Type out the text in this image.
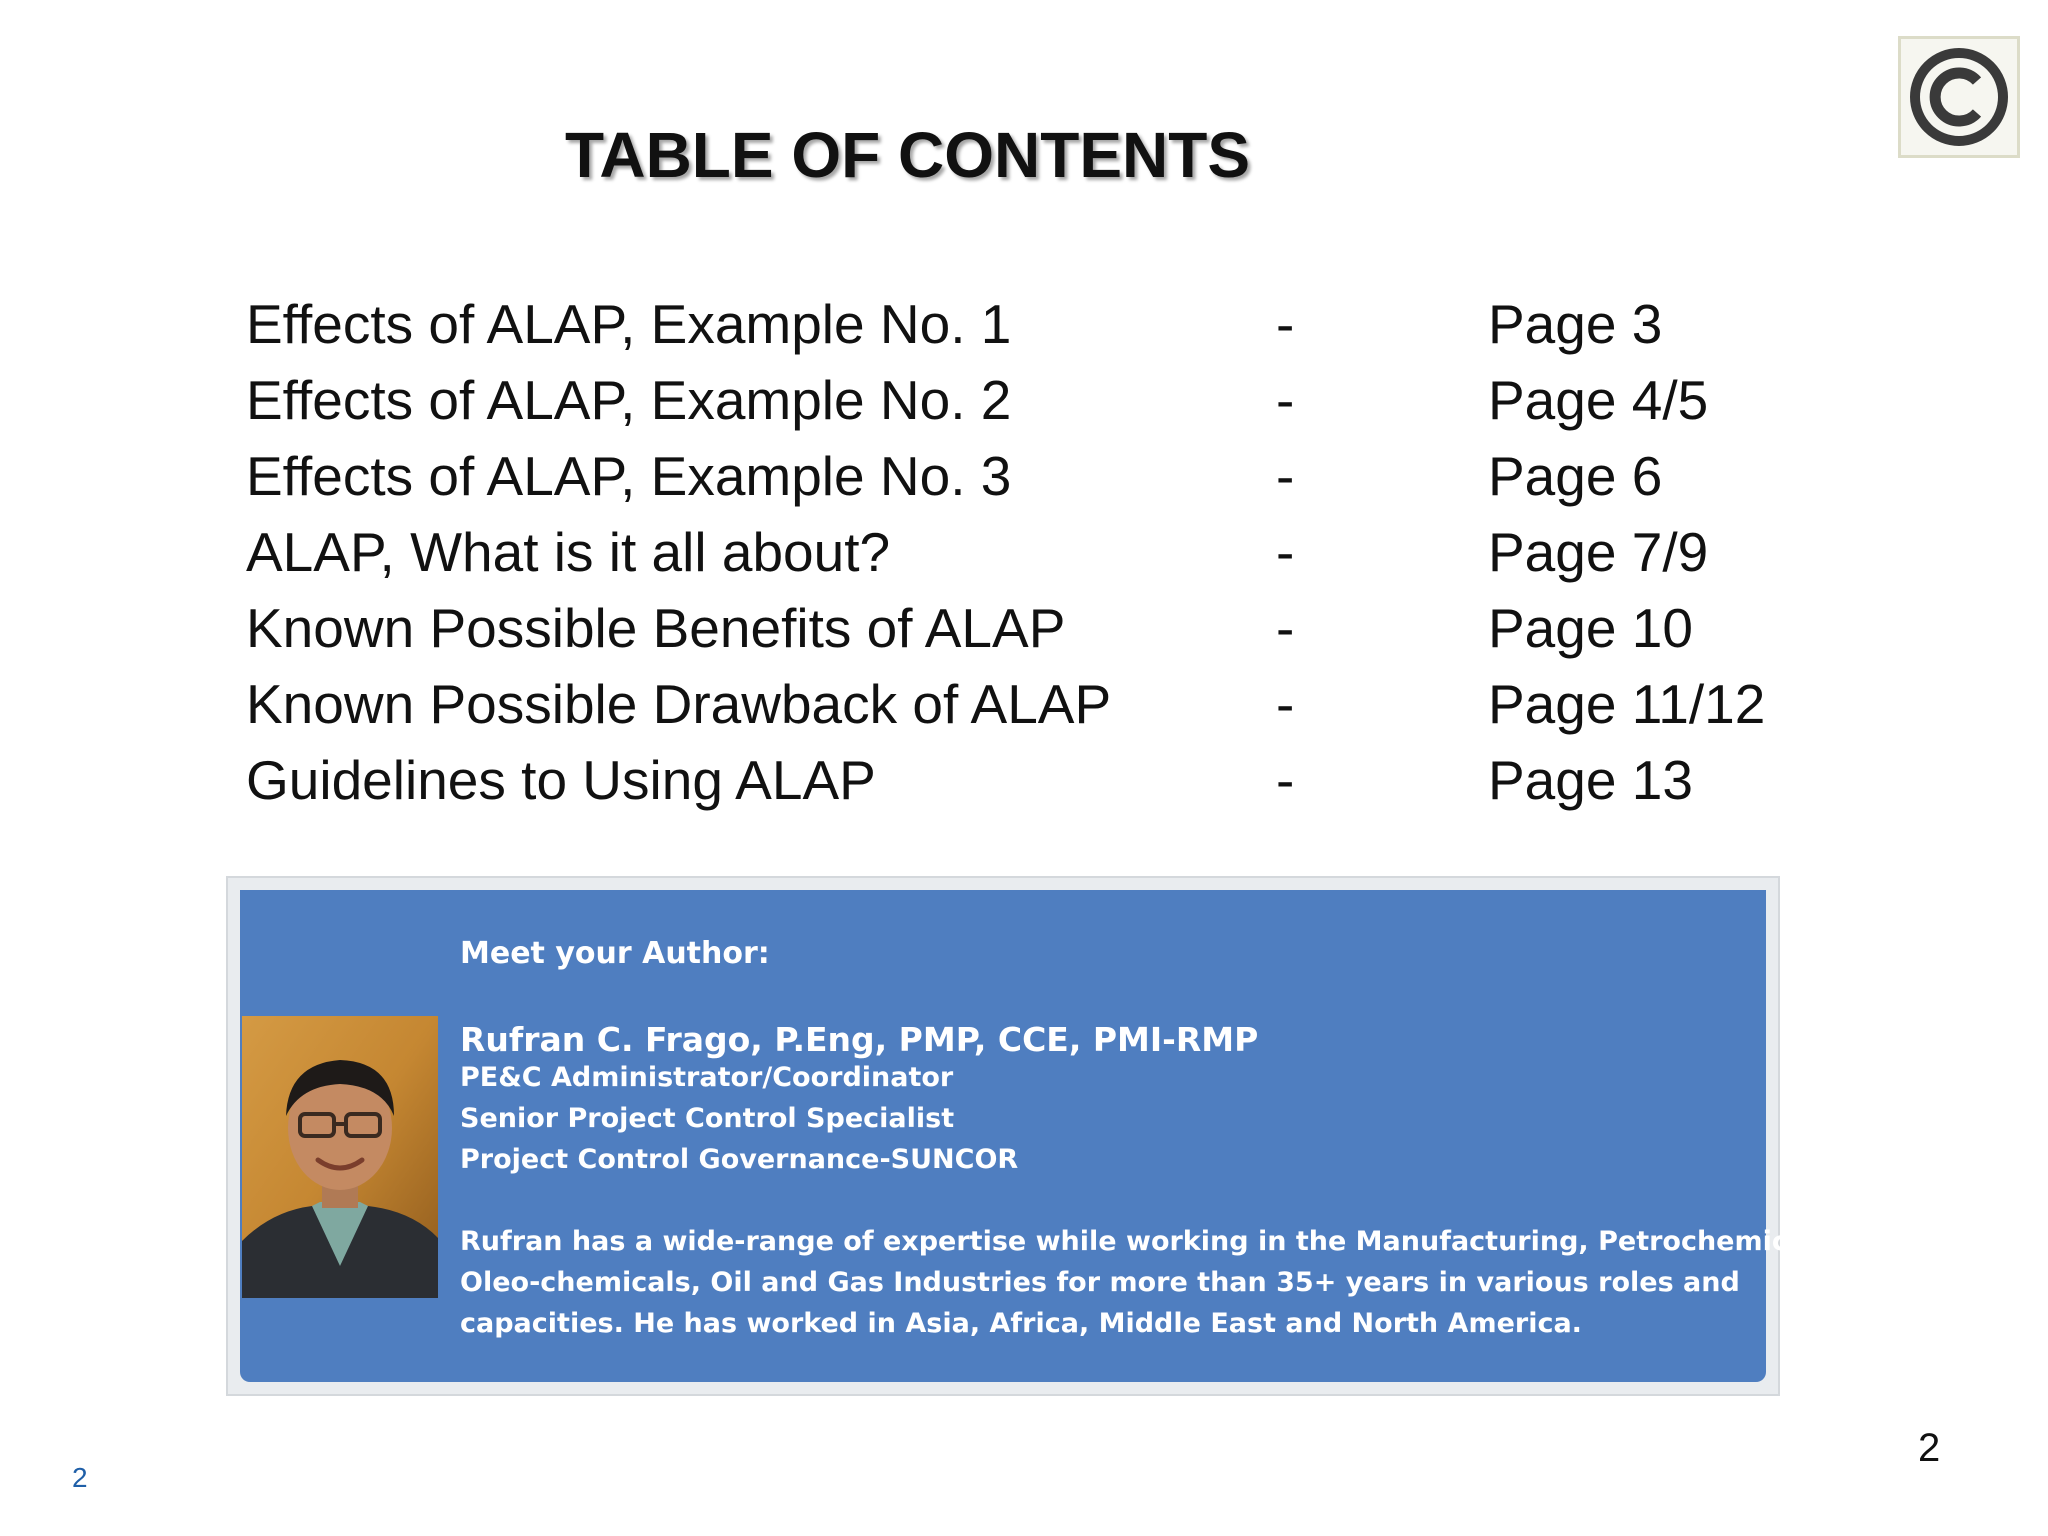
TABLE OF CONTENTS
Effects of ALAP, Example No. 1	-	Page 3
Effects of ALAP, Example No. 2	-	Page 4/5
Effects of ALAP, Example No. 3	-	Page 6
ALAP, What is it all about?	-	Page 7/9
Known Possible Benefits of ALAP	-	Page 10
Known Possible Drawback of ALAP	-	Page 11/12
Guidelines to Using ALAP	-	Page 13
Meet your Author:
Rufran C. Frago, P.Eng, PMP, CCE, PMI-RMP
PE&C Administrator/Coordinator
Senior Project Control Specialist
Project Control Governance-SUNCOR
Rufran has a wide-range of expertise while working in the Manufacturing, Petrochemical,
Oleo-chemicals, Oil and Gas Industries for more than 35+ years in various roles and
capacities. He has worked in Asia, Africa, Middle East and North America.
2
2
